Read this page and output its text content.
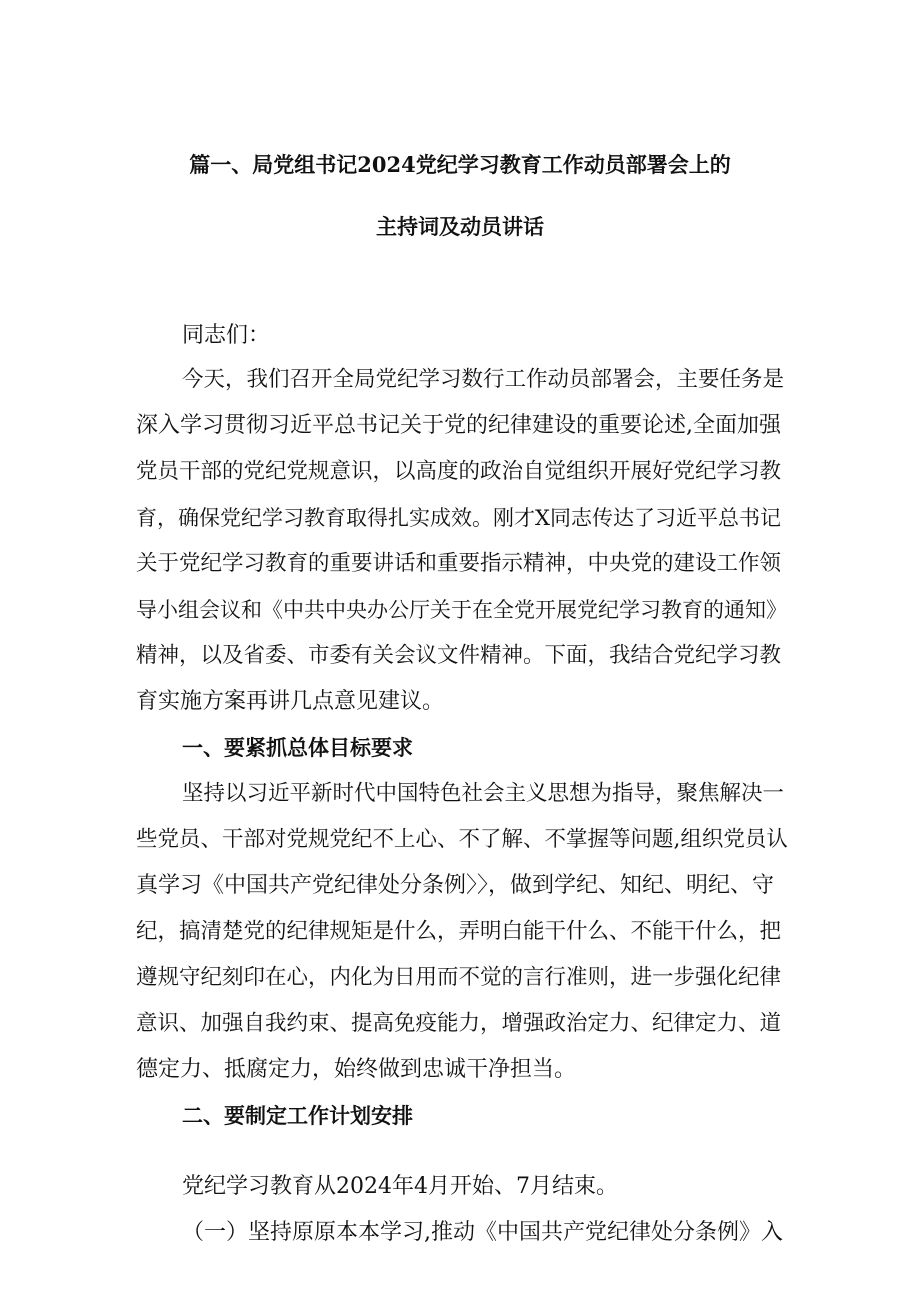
篇一、局党组书记2024党纪学习教育工作动员部署会上的
主持词及动员讲话
同志们：
今天，我们召开全局党纪学习数行工作动员部署会，主要任务是
深入学习贯彻习近平总书记关于党的纪律建设的重要论述,全面加强
党员干部的党纪党规意识，以高度的政治自觉组织开展好党纪学习教
育，确保党纪学习教育取得扎实成效。刚才X同志传达了习近平总书记
关于党纪学习教育的重要讲话和重要指示精神，中央党的建设工作领
导小组会议和《中共中央办公厅关于在全党开展党纪学习教育的通知》
精神，以及省委、市委有关会议文件精神。下面，我结合党纪学习教
育实施方案再讲几点意见建议。
一、要紧抓总体目标要求
坚持以习近平新时代中国特色社会主义思想为指导，聚焦解决一
些党员、干部对党规党纪不上心、不了解、不掌握等问题,组织党员认
真学习《中国共产党纪律处分条例〉〉，做到学纪、知纪、明纪、守
纪，搞清楚党的纪律规矩是什么，弄明白能干什么、不能干什么，把
遵规守纪刻印在心，内化为日用而不觉的言行准则，进一步强化纪律
意识、加强自我约束、提高免疫能力，增强政治定力、纪律定力、道
德定力、抵腐定力，始终做到忠诚干净担当。
二、要制定工作计划安排
党纪学习教育从2024年4月开始、7月结束。
（一）坚持原原本本学习,推动《中国共产党纪律处分条例》入
